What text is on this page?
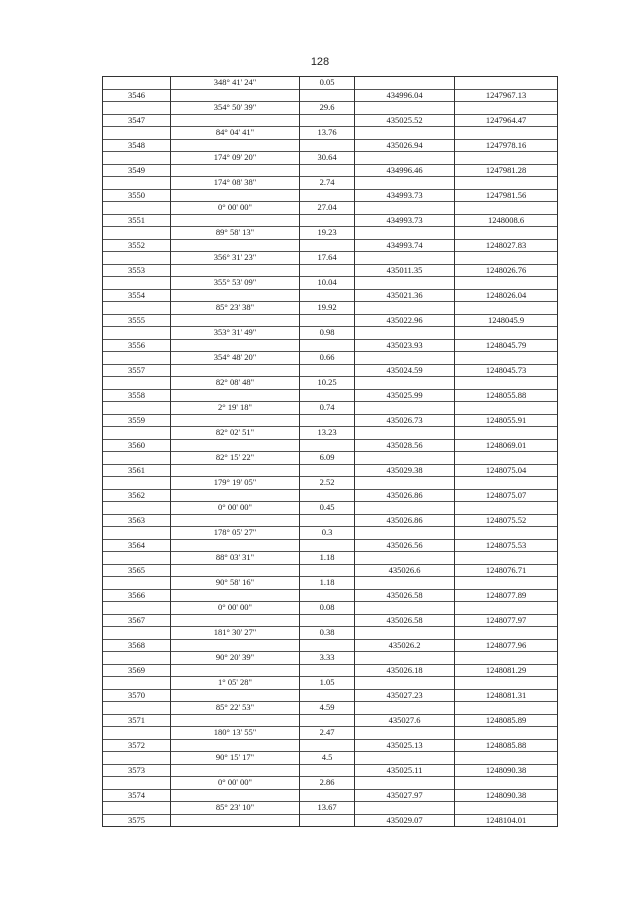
128
	348° 41' 24"	0.05		
3546			434996.04	1247967.13
	354° 50' 39"	29.6		
3547			435025.52	1247964.47
	84° 04' 41"	13.76		
3548			435026.94	1247978.16
	174° 09' 20"	30.64		
3549			434996.46	1247981.28
	174° 08' 38"	2.74		
3550			434993.73	1247981.56
	0° 00' 00"	27.04		
3551			434993.73	1248008.6
	89° 58' 13"	19.23		
3552			434993.74	1248027.83
	356° 31' 23"	17.64		
3553			435011.35	1248026.76
	355° 53' 09"	10.04		
3554			435021.36	1248026.04
	85° 23' 38"	19.92		
3555			435022.96	1248045.9
	353° 31' 49"	0.98		
3556			435023.93	1248045.79
	354° 48' 20"	0.66		
3557			435024.59	1248045.73
	82° 08' 48"	10.25		
3558			435025.99	1248055.88
	2° 19' 18"	0.74		
3559			435026.73	1248055.91
	82° 02' 51"	13.23		
3560			435028.56	1248069.01
	82° 15' 22"	6.09		
3561			435029.38	1248075.04
	179° 19' 05"	2.52		
3562			435026.86	1248075.07
	0° 00' 00"	0.45		
3563			435026.86	1248075.52
	178° 05' 27"	0.3		
3564			435026.56	1248075.53
	88° 03' 31"	1.18		
3565			435026.6	1248076.71
	90° 58' 16"	1.18		
3566			435026.58	1248077.89
	0° 00' 00"	0.08		
3567			435026.58	1248077.97
	181° 30' 27"	0.38		
3568			435026.2	1248077.96
	90° 20' 39"	3.33		
3569			435026.18	1248081.29
	1° 05' 28"	1.05		
3570			435027.23	1248081.31
	85° 22' 53"	4.59		
3571			435027.6	1248085.89
	180° 13' 55"	2.47		
3572			435025.13	1248085.88
	90° 15' 17"	4.5		
3573			435025.11	1248090.38
	0° 00' 00"	2.86		
3574			435027.97	1248090.38
	85° 23' 10"	13.67		
3575			435029.07	1248104.01
